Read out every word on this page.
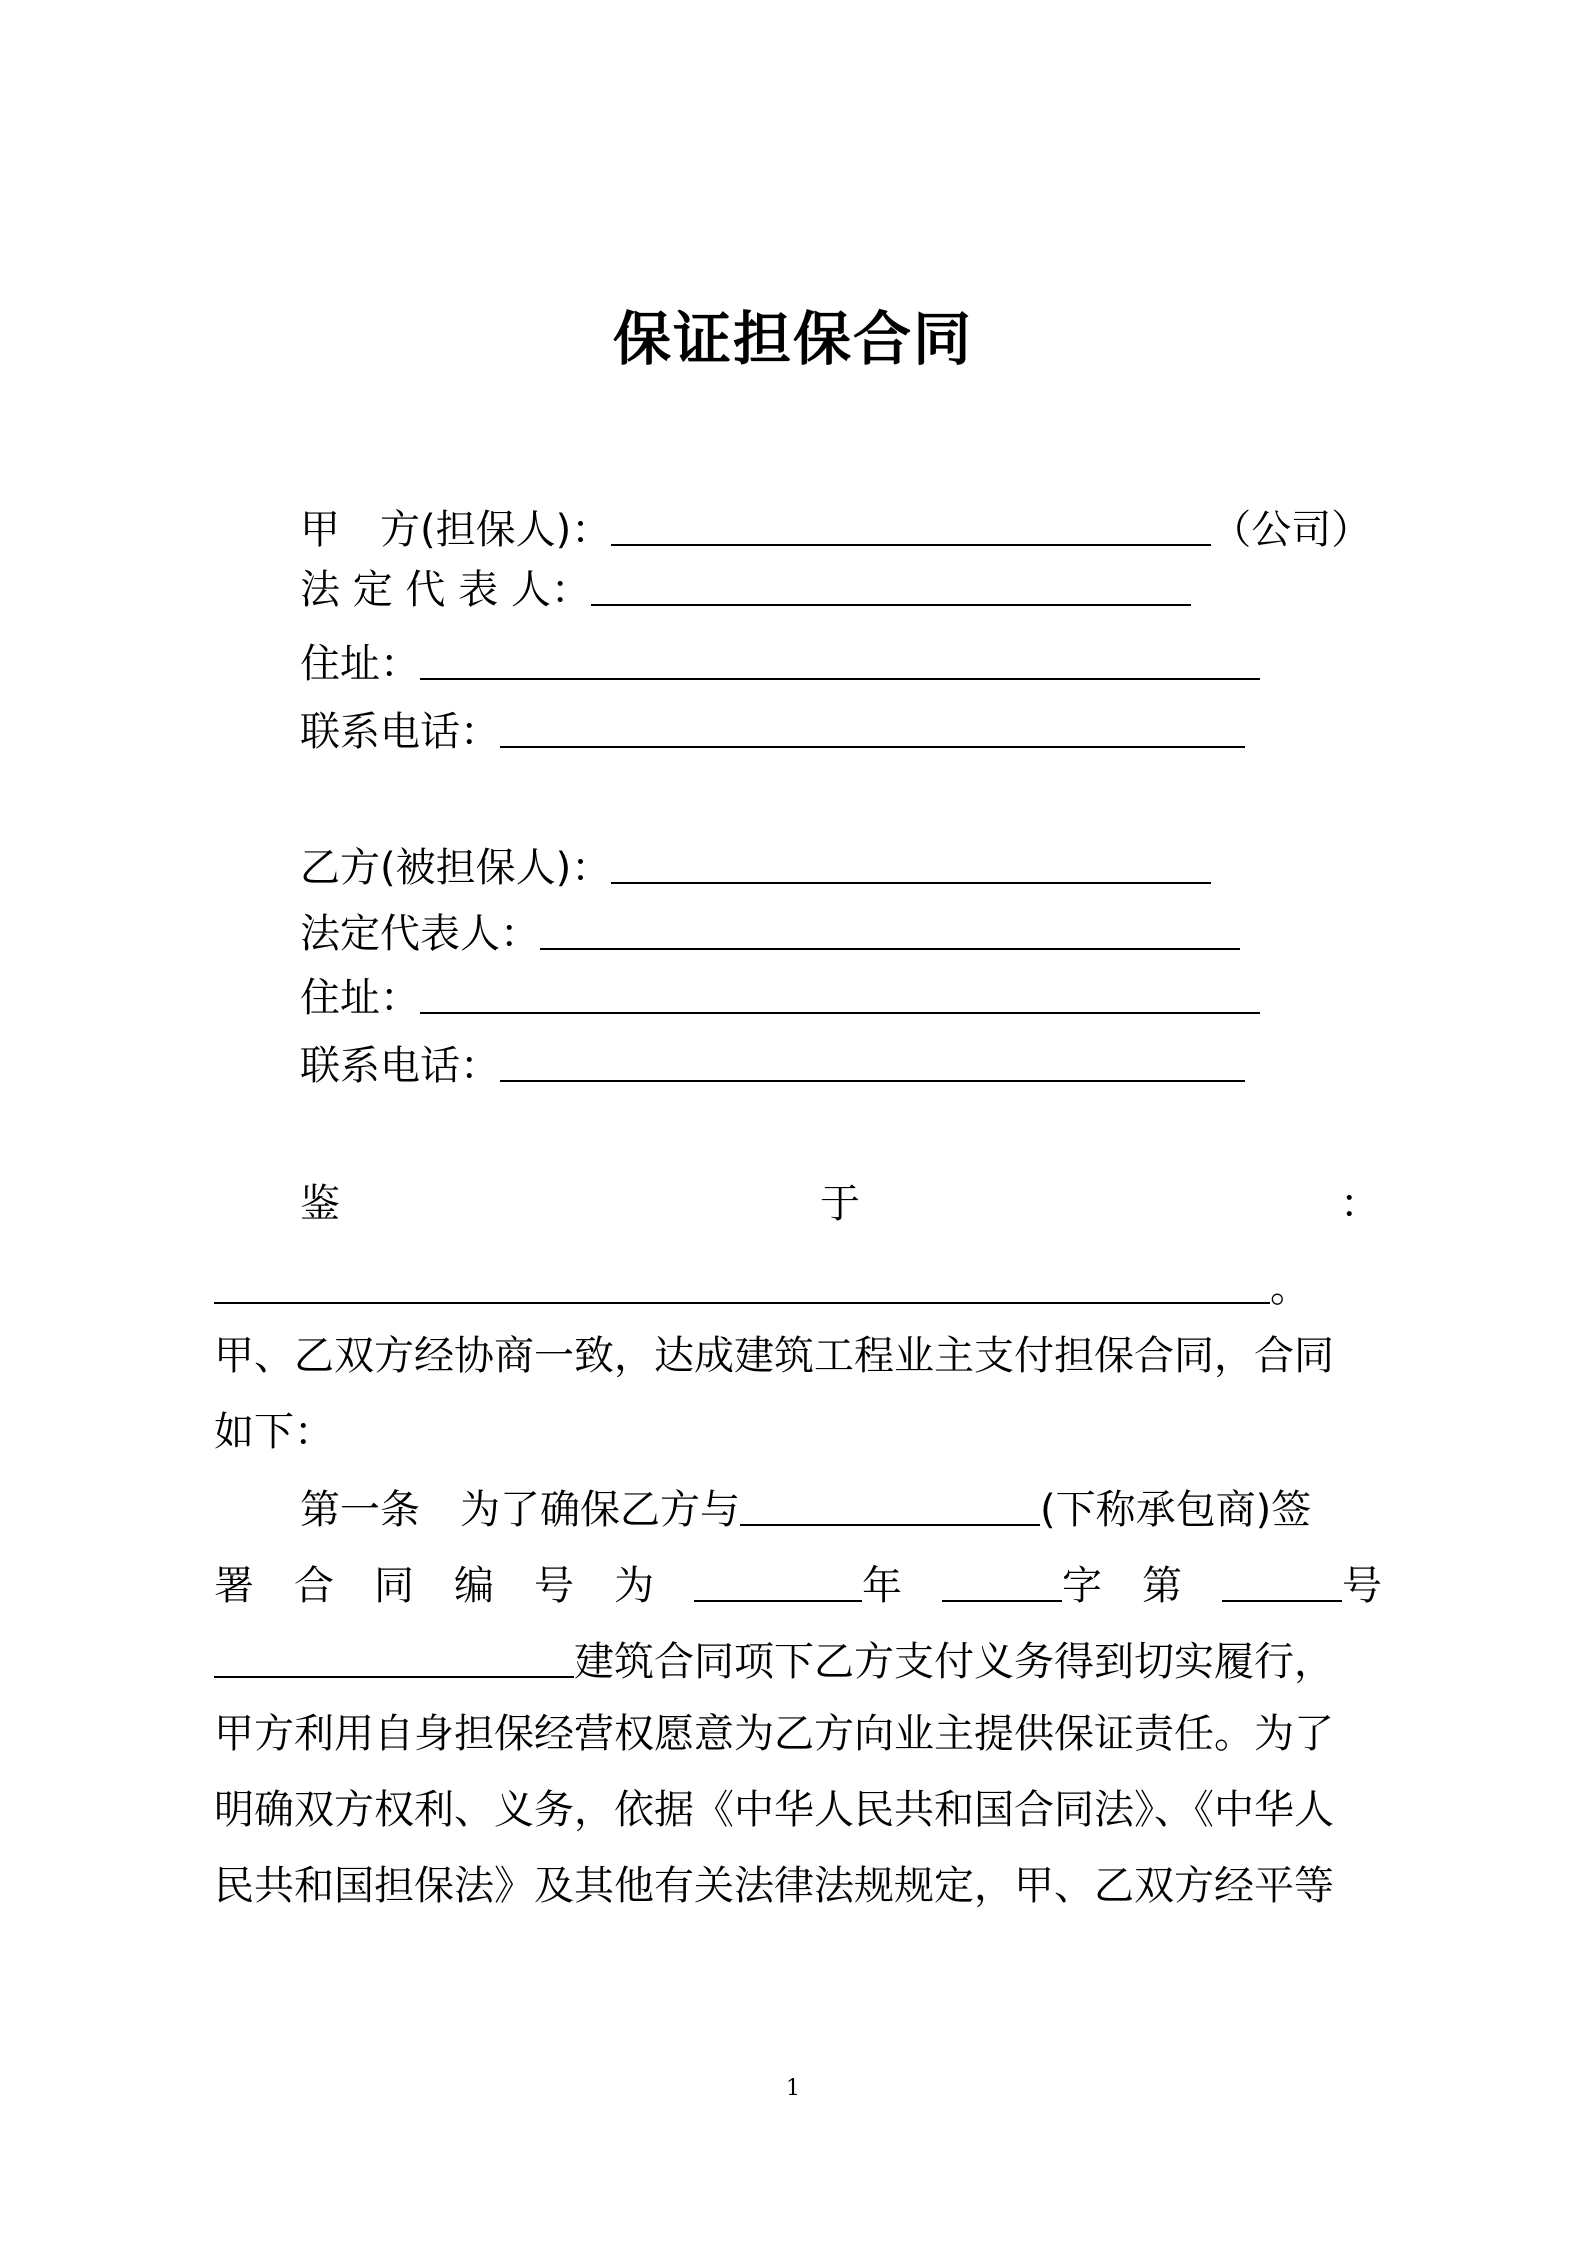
保证担保合同
甲　方(担保人)：	（公司）
法 定 代 表 人：
住址：
联系电话：
乙方(被担保人)：
法定代表人：
住址：
联系电话：
鉴	于	：
。
甲、乙双方经协商一致，达成建筑工程业主支付担保合同，合同
如下：
第一条　为了确保乙方与	(下称承包商)签
署 合 同 编 号 为	年	字 第	号
建筑合同项下乙方支付义务得到切实履行，
甲方利用自身担保经营权愿意为乙方向业主提供保证责任。为了
明确双方权利、义务，依据《中华人民共和国合同法》、《中华人
民共和国担保法》及其他有关法律法规规定，甲、乙双方经平等
1
